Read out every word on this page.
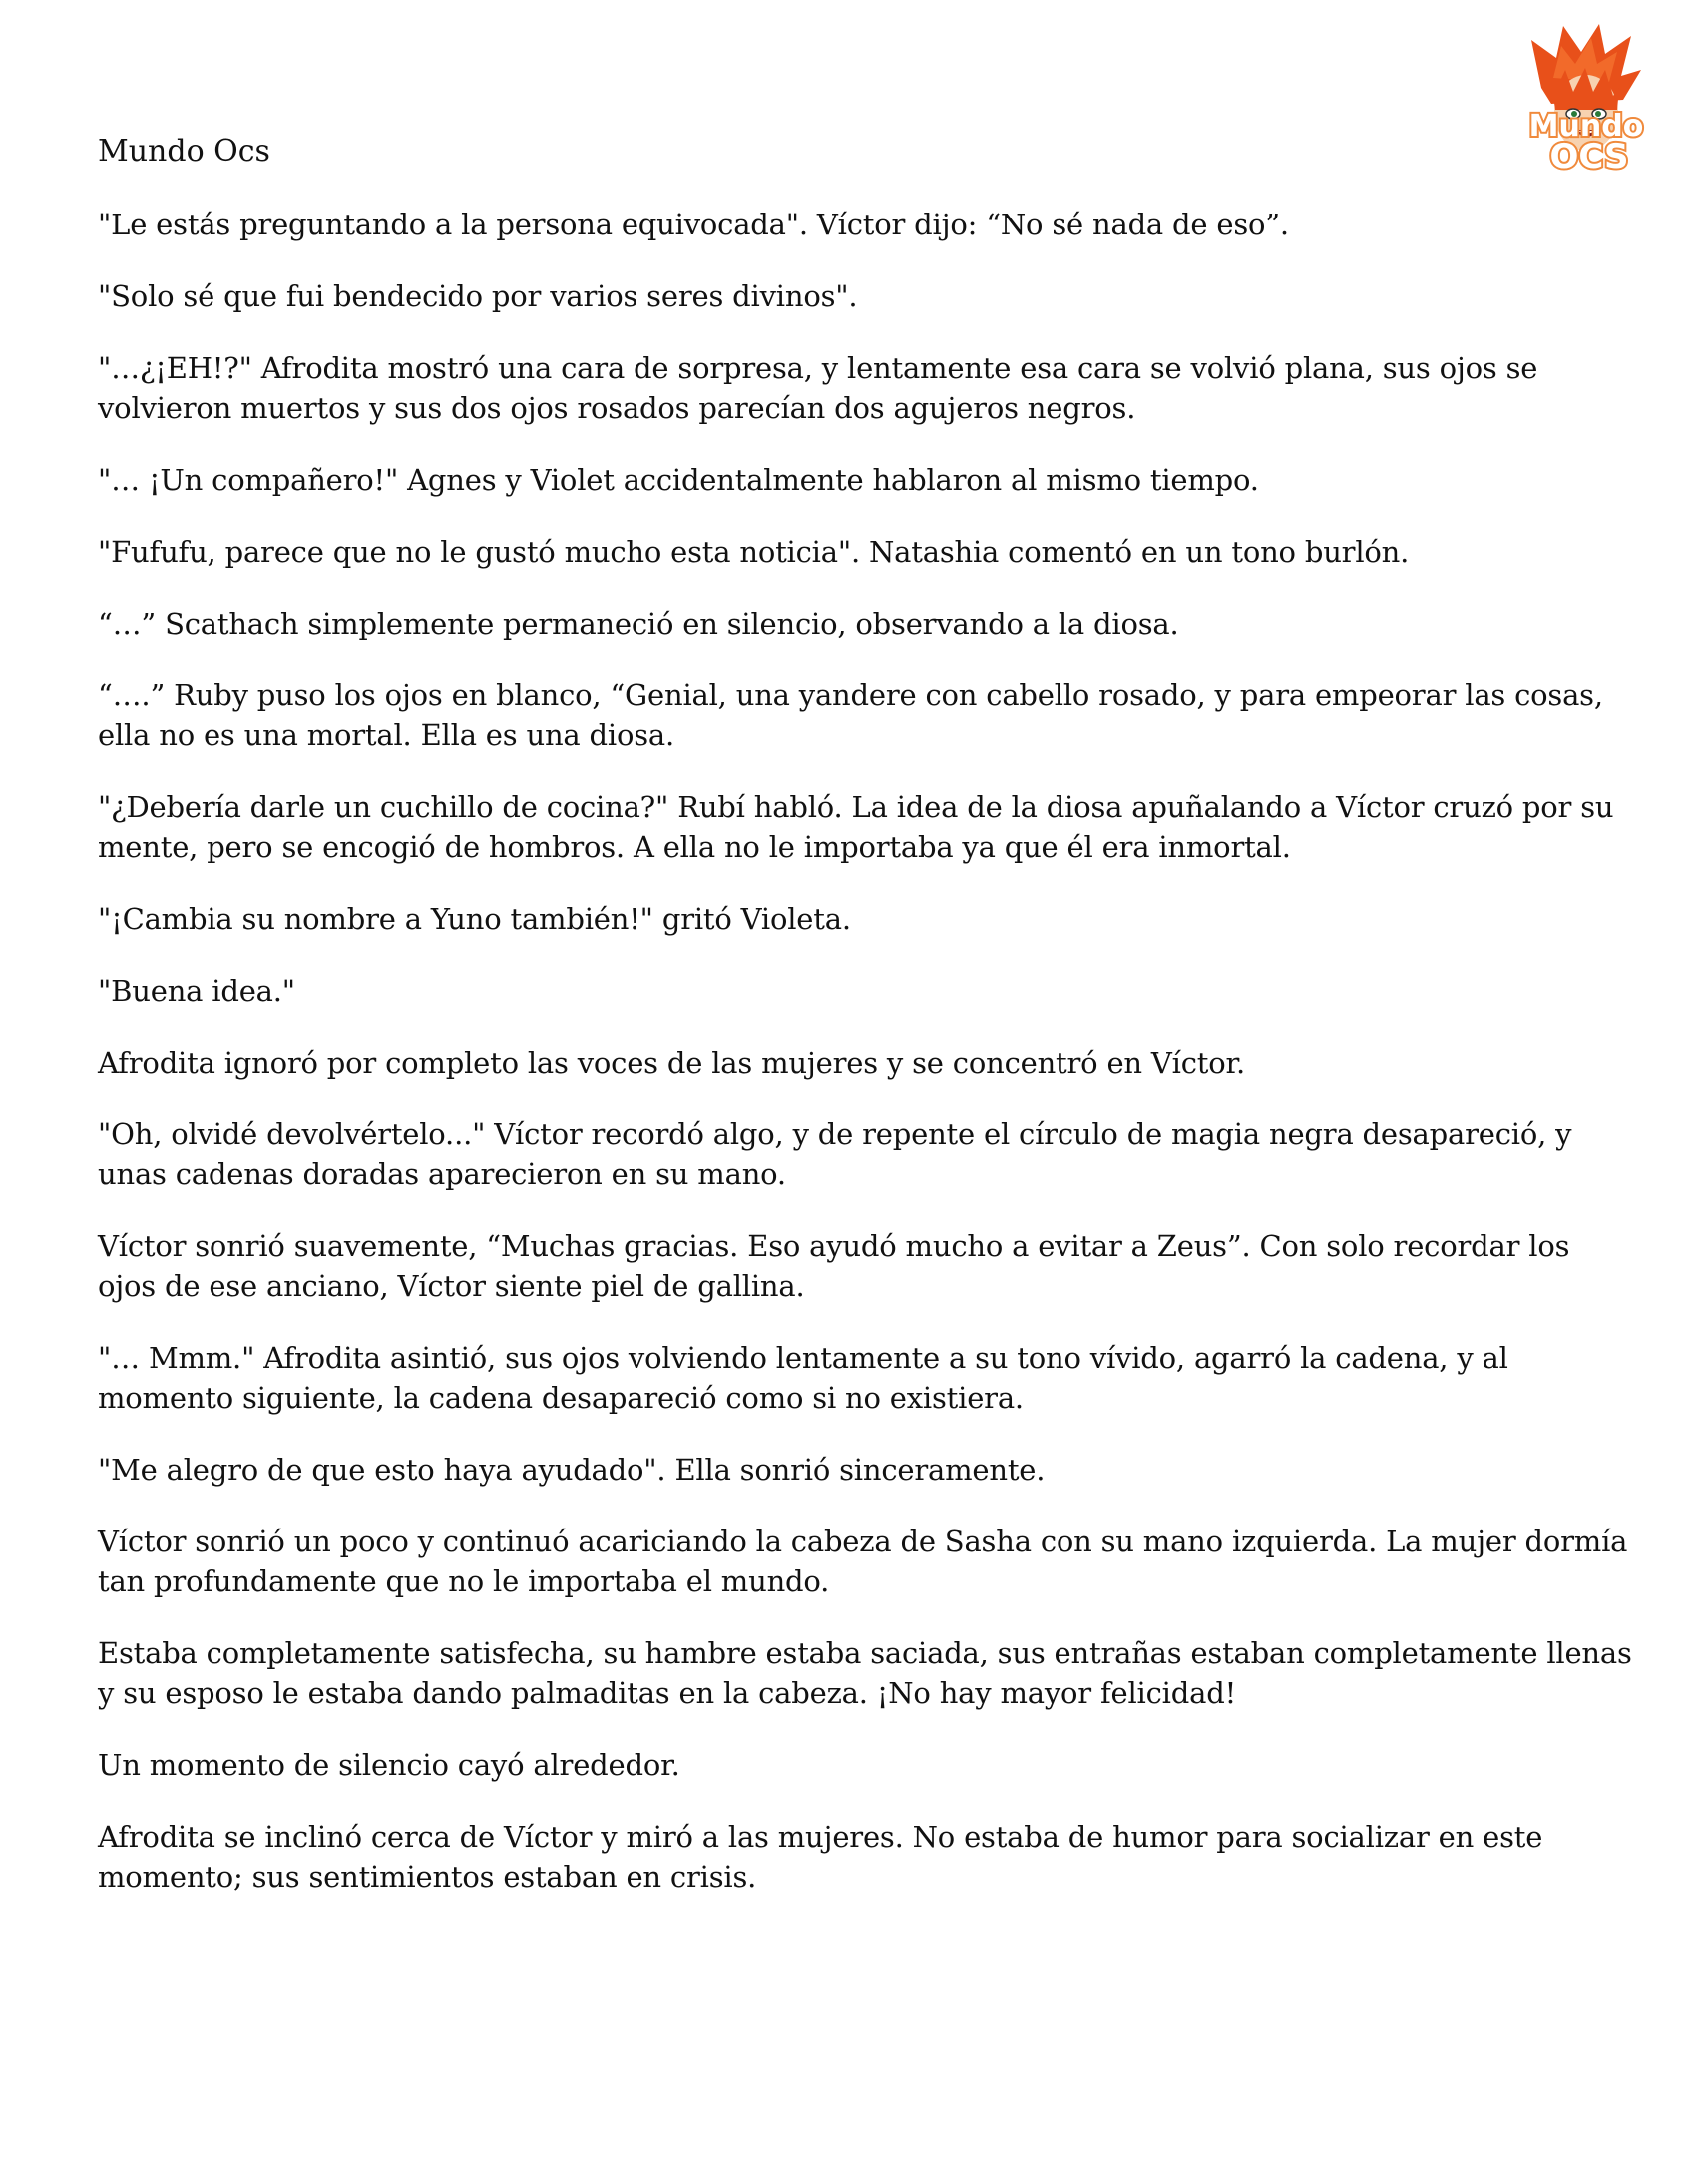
Mundo
OCS
Mundo Ocs

"Le estás preguntando a la persona equivocada". Víctor dijo: “No sé nada de eso”.

"Solo sé que fui bendecido por varios seres divinos".

"…¿¡EH!?" Afrodita mostró una cara de sorpresa, y lentamente esa cara se volvió plana, sus ojos se volvieron muertos y sus dos ojos rosados parecían dos agujeros negros.

"… ¡Un compañero!" Agnes y Violet accidentalmente hablaron al mismo tiempo.

"Fufufu, parece que no le gustó mucho esta noticia". Natashia comentó en un tono burlón.

“…” Scathach simplemente permaneció en silencio, observando a la diosa.

“….” Ruby puso los ojos en blanco, “Genial, una yandere con cabello rosado, y para empeorar las cosas, ella no es una mortal. Ella es una diosa.

"¿Debería darle un cuchillo de cocina?" Rubí habló. La idea de la diosa apuñalando a Víctor cruzó por su mente, pero se encogió de hombros. A ella no le importaba ya que él era inmortal.

"¡Cambia su nombre a Yuno también!" gritó Violeta.

"Buena idea."

Afrodita ignoró por completo las voces de las mujeres y se concentró en Víctor.

"Oh, olvidé devolvértelo..." Víctor recordó algo, y de repente el círculo de magia negra desapareció, y unas cadenas doradas aparecieron en su mano.

Víctor sonrió suavemente, “Muchas gracias. Eso ayudó mucho a evitar a Zeus”. Con solo recordar los ojos de ese anciano, Víctor siente piel de gallina.

"… Mmm." Afrodita asintió, sus ojos volviendo lentamente a su tono vívido, agarró la cadena, y al momento siguiente, la cadena desapareció como si no existiera.

"Me alegro de que esto haya ayudado". Ella sonrió sinceramente.

Víctor sonrió un poco y continuó acariciando la cabeza de Sasha con su mano izquierda. La mujer dormía tan profundamente que no le importaba el mundo.

Estaba completamente satisfecha, su hambre estaba saciada, sus entrañas estaban completamente llenas y su esposo le estaba dando palmaditas en la cabeza. ¡No hay mayor felicidad!

Un momento de silencio cayó alrededor.

Afrodita se inclinó cerca de Víctor y miró a las mujeres. No estaba de humor para socializar en este momento; sus sentimientos estaban en crisis.
